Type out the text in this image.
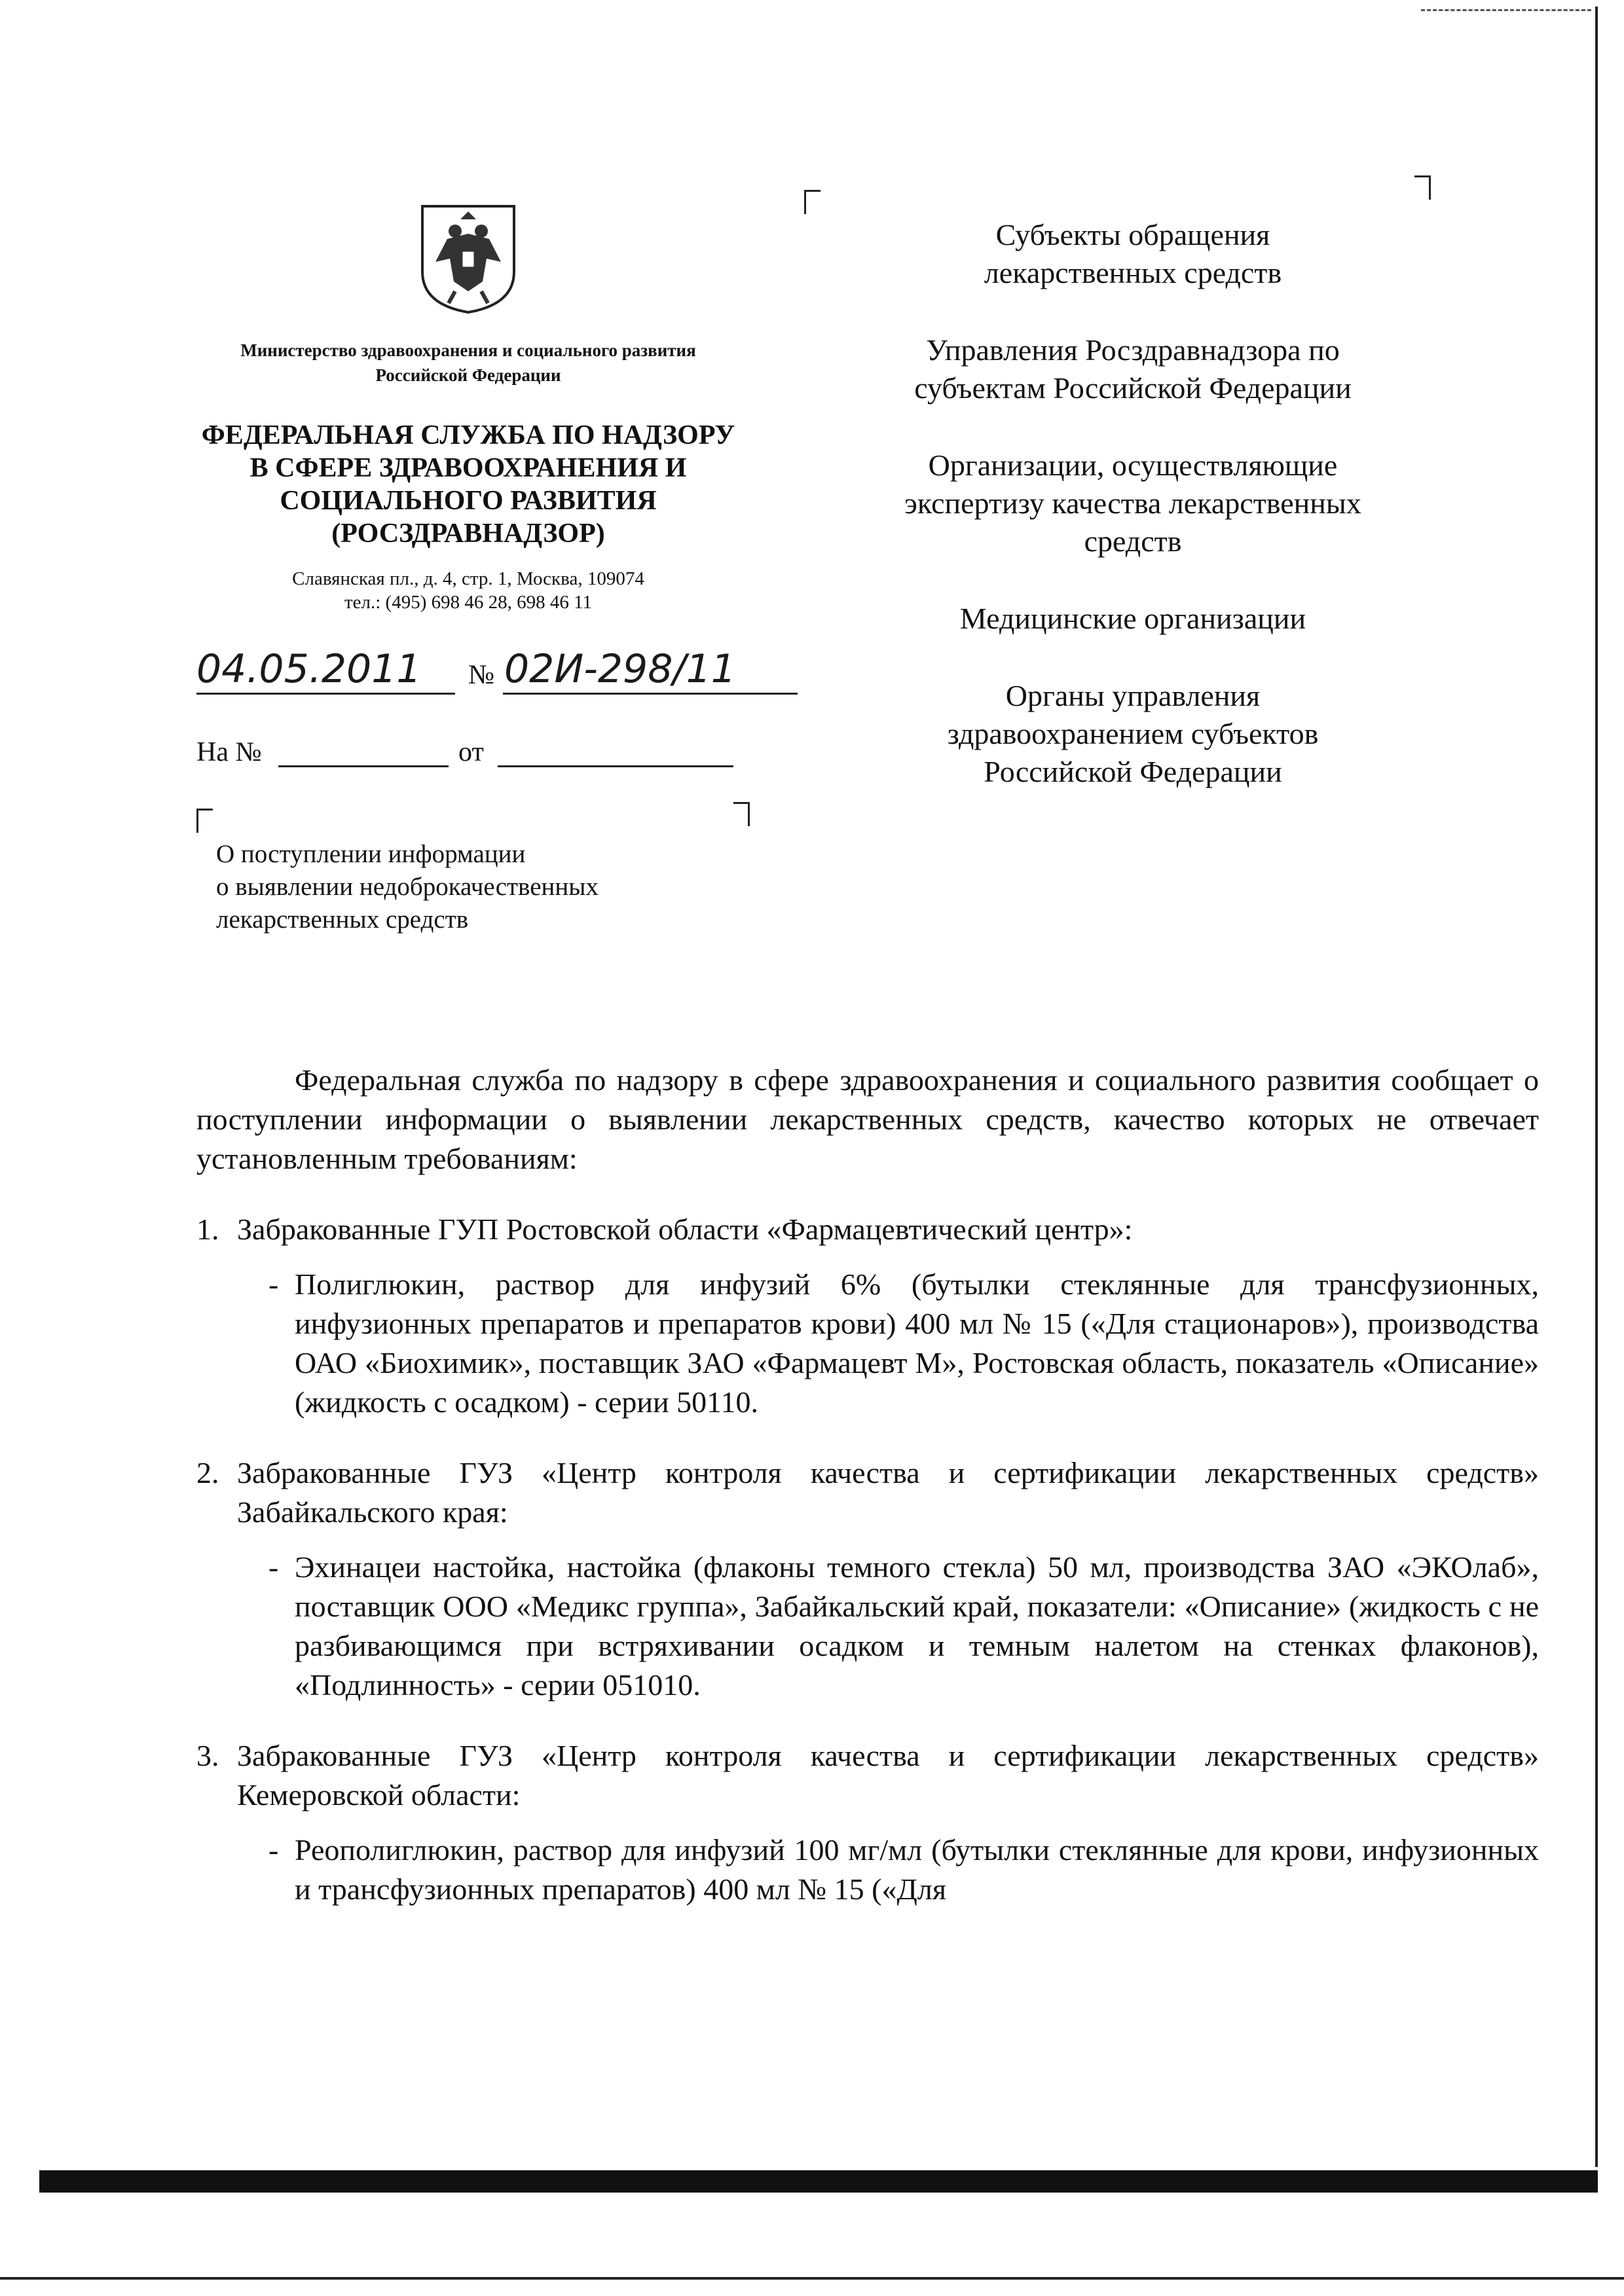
Министерство здравоохранения и социального развития Российской Федерации
ФЕДЕРАЛЬНАЯ СЛУЖБА ПО НАДЗОРУ
В СФЕРЕ ЗДРАВООХРАНЕНИЯ И
СОЦИАЛЬНОГО РАЗВИТИЯ
(РОСЗДРАВНАДЗОР)
Славянская пл., д. 4, стр. 1, Москва, 109074
тел.: (495) 698 46 28, 698 46 11
04.05.2011 № 02И-298/11
На №	от
О поступлении информации
о выявлении недоброкачественных
лекарственных средств
Субъекты обращения
лекарственных средств
Управления Росздравнадзора по
субъектам Российской Федерации
Организации, осуществляющие
экспертизу качества лекарственных
средств
Медицинские организации
Органы управления
здравоохранением субъектов
Российской Федерации

Федеральная служба по надзору в сфере здравоохранения и социального развития сообщает о поступлении информации о выявлении лекарственных средств, качество которых не отвечает установленным требованиям:

1. Забракованные ГУП Ростовской области «Фармацевтический центр»:
- Полиглюкин, раствор для инфузий 6% (бутылки стеклянные для трансфузионных, инфузионных препаратов и препаратов крови) 400 мл № 15 («Для стационаров»), производства ОАО «Биохимик», поставщик ЗАО «Фармацевт М», Ростовская область, показатель «Описание» (жидкость с осадком) - серии 50110.
2. Забракованные ГУЗ «Центр контроля качества и сертификации лекарственных средств» Забайкальского края:
- Эхинацеи настойка, настойка (флаконы темного стекла) 50 мл, производства ЗАО «ЭКОлаб», поставщик ООО «Медикс группа», Забайкальский край, показатели: «Описание» (жидкость с не разбивающимся при встряхивании осадком и темным налетом на стенках флаконов), «Подлинность» - серии 051010.
3. Забракованные ГУЗ «Центр контроля качества и сертификации лекарственных средств» Кемеровской области:
- Реополиглюкин, раствор для инфузий 100 мг/мл (бутылки стеклянные для крови, инфузионных и трансфузионных препаратов) 400 мл № 15 («Для
